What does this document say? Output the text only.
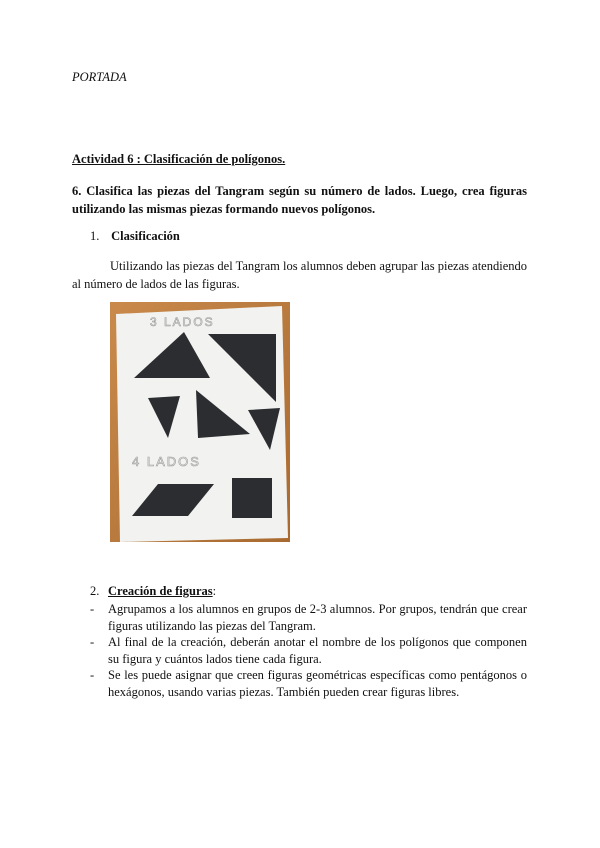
PORTADA
Actividad 6 : Clasificación de polígonos.
6. Clasifica las piezas del Tangram según su número de lados. Luego, crea figuras utilizando las mismas piezas formando nuevos polígonos.
1. Clasificación
Utilizando las piezas del Tangram los alumnos deben agrupar las piezas atendiendo al número de lados de las figuras.
3 LADOS
4 LADOS
2. Creación de figuras:
- Agrupamos a los alumnos en grupos de 2-3 alumnos. Por grupos, tendrán que crear figuras utilizando las piezas del Tangram.
- Al final de la creación, deberán anotar el nombre de los polígonos que componen su figura y cuántos lados tiene cada figura.
- Se les puede asignar que creen figuras geométricas específicas como pentágonos o hexágonos, usando varias piezas. También pueden crear figuras libres.
